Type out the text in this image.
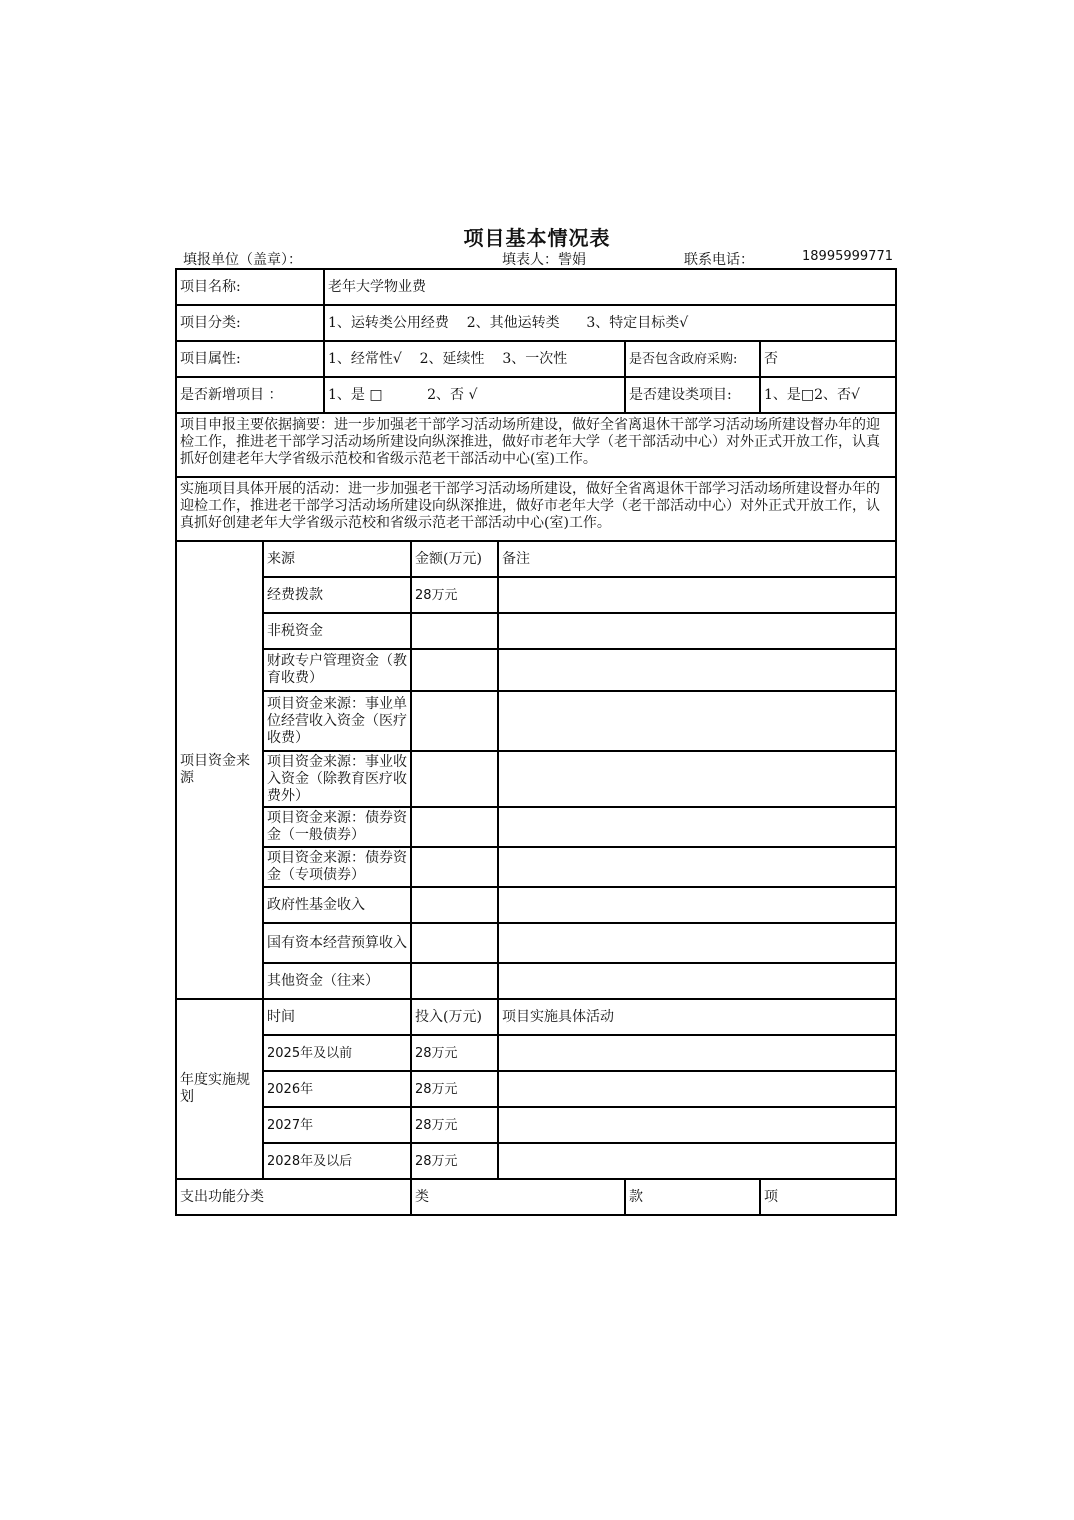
项目基本情况表
填报单位（盖章）：	填表人：訾娟	联系电话：	18995999771
项目名称:		老年大学物业费				
项目分类:		1、运转类公用经费    2、其他运转类      3、特定目标类√				
项目属性:		1、经常性√    2、延续性    3、一次性			是否包含政府采购:	否
是否新增项目 ：		1、是 □          2、否 √			是否建设类项目:	1、是□2、否√
项目申报主要依据摘要：进一步加强老干部学习活动场所建设，做好全省离退休干部学习活动场所建设督办年的迎检工作，推进老干部学习活动场所建设向纵深推进，做好市老年大学（老干部活动中心）对外正式开放工作，认真抓好创建老年大学省级示范校和省级示范老干部活动中心(室)工作。						
实施项目具体开展的活动：进一步加强老干部学习活动场所建设，做好全省离退休干部学习活动场所建设督办年的迎检工作，推进老干部学习活动场所建设向纵深推进，做好市老年大学（老干部活动中心）对外正式开放工作，认真抓好创建老年大学省级示范校和省级示范老干部活动中心(室)工作。						
项目资金来源	来源		金额(万元)	备注		
	经费拨款		28万元			
	非税资金					
	财政专户管理资金（教育收费）					
	项目资金来源：事业单位经营收入资金（医疗收费）					
	项目资金来源：事业收入资金（除教育医疗收费外）					
	项目资金来源：债券资金（一般债券）					
	项目资金来源：债券资金（专项债券）					
	政府性基金收入					
	国有资本经营预算收入					
	其他资金（往来）					
年度实施规划	时间		投入(万元)	项目实施具体活动		
	2025年及以前		28万元			
	2026年		28万元			
	2027年		28万元			
	2028年及以后		28万元			
支出功能分类			类		款	项
